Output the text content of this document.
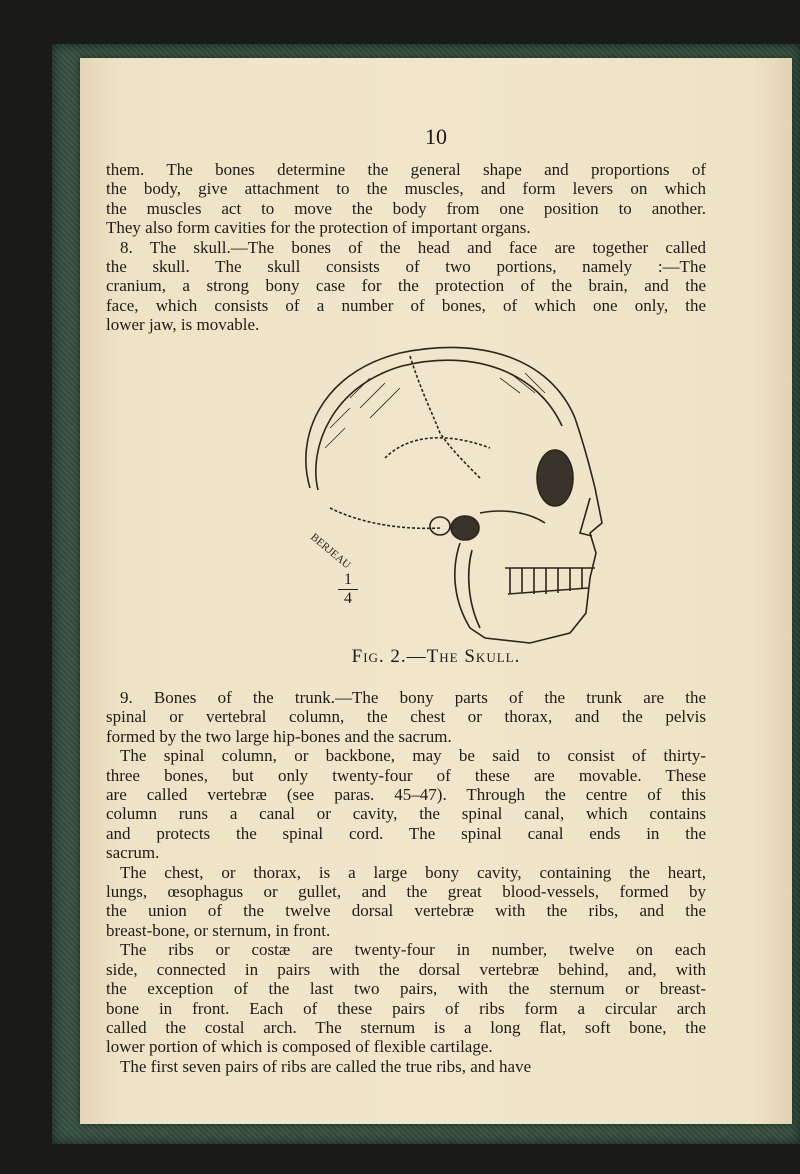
10

them. The bones determine the general shape and proportions of
the body, give attachment to the muscles, and form levers on which
the muscles act to move the body from one position to another.
They also form cavities for the protection of important organs.

8. The skull.—The bones of the head and face are together called
the skull. The skull consists of two portions, namely :—The
cranium, a strong bony case for the protection of the brain, and the
face, which consists of a number of bones, of which one only, the
lower jaw, is movable.

BERJEAU
1
4
Fig. 2.—The Skull.

9. Bones of the trunk.—The bony parts of the trunk are the
spinal or vertebral column, the chest or thorax, and the pelvis
formed by the two large hip-bones and the sacrum.

The spinal column, or backbone, may be said to consist of thirty-
three bones, but only twenty-four of these are movable. These
are called vertebræ (see paras. 45–47). Through the centre of this
column runs a canal or cavity, the spinal canal, which contains
and protects the spinal cord. The spinal canal ends in the
sacrum.

The chest, or thorax, is a large bony cavity, containing the heart,
lungs, œsophagus or gullet, and the great blood-vessels, formed by
the union of the twelve dorsal vertebræ with the ribs, and the
breast-bone, or sternum, in front.

The ribs or costæ are twenty-four in number, twelve on each
side, connected in pairs with the dorsal vertebræ behind, and, with
the exception of the last two pairs, with the sternum or breast-
bone in front. Each of these pairs of ribs form a circular arch
called the costal arch. The sternum is a long flat, soft bone, the
lower portion of which is composed of flexible cartilage.

The first seven pairs of ribs are called the true ribs, and have
